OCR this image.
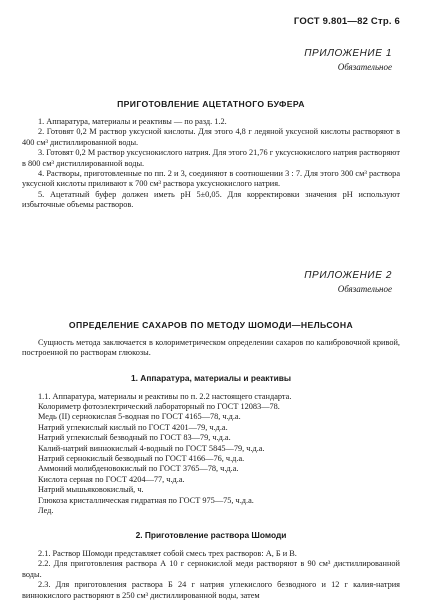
ГОСТ 9.801—82 Стр. 6
ПРИЛОЖЕНИЕ 1
Обязательное
ПРИГОТОВЛЕНИЕ АЦЕТАТНОГО БУФЕРА

1. Аппаратура, материалы и реактивы — по разд. 1.2.

2. Готовят 0,2 М раствор уксусной кислоты. Для этого 4,8 г ледяной уксусной кислоты растворяют в 400 см³ дистиллированной воды.

3. Готовят 0,2 М раствор уксуснокислого натрия. Для этого 21,76 г уксуснокислого натрия растворяют в 800 см³ дистиллированной воды.

4. Растворы, приготовленные по пп. 2 и 3, соединяют в соотношении 3 : 7. Для этого 300 см³ раствора уксусной кислоты приливают к 700 см³ раствора уксуснокислого натрия.

5. Ацетатный буфер должен иметь pH 5±0,05. Для корректировки значения pH используют избыточные объемы растворов.

ПРИЛОЖЕНИЕ 2
Обязательное
ОПРЕДЕЛЕНИЕ САХАРОВ ПО МЕТОДУ ШОМОДИ—НЕЛЬСОНА

Сущность метода заключается в колориметрическом определении сахаров по калибровочной кривой, построенной по растворам глюкозы.

1. Аппаратура, материалы и реактивы

1.1. Аппаратура, материалы и реактивы по п. 2.2 настоящего стандарта.

Колориметр фотоэлектрический лабораторный по ГОСТ 12083—78.
Медь (II) сернокислая 5-водная по ГОСТ 4165—78, ч.д.а.
Натрий углекислый кислый по ГОСТ 4201—79, ч.д.а.
Натрий углекислый безводный по ГОСТ 83—79, ч.д.а.
Калий-натрий виннокислый 4-водный по ГОСТ 5845—79, ч.д.а.
Натрий сернокислый безводный по ГОСТ 4166—76, ч.д.а.
Аммоний молибденовокислый по ГОСТ 3765—78, ч.д.а.
Кислота серная по ГОСТ 4204—77, ч.д.а.
Натрий мышьяковокислый, ч.
Глюкоза кристаллическая гидратная по ГОСТ 975—75, ч.д.а.
Лед.
2. Приготовление раствора Шомоди

2.1. Раствор Шомоди представляет собой смесь трех растворов: А, Б и В.

2.2. Для приготовления раствора А 10 г сернокислой меди растворяют в 90 см³ дистиллированной воды.

2.3. Для приготовления раствора Б 24 г натрия углекислого безводного и 12 г калия-натрия виннокислого растворяют в 250 см³ дистиллированной воды, затем
